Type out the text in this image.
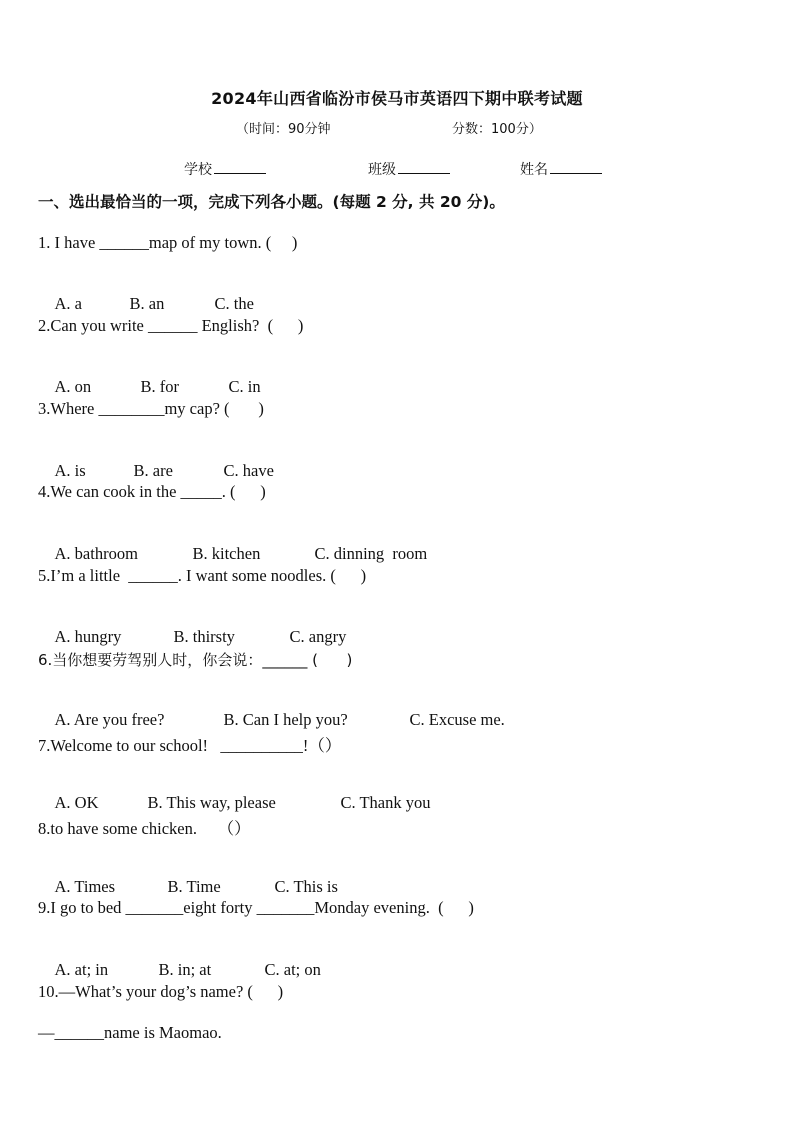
2024年山西省临汾市侯马市英语四下期中联考试题
（时间：90分钟	分数：100分）
学校	班级	姓名
一、选出最恰当的一项，完成下列各小题。(每题 2 分, 共 20 分)。
1. I have ______map of my town. (     )

A. a	B. an	C. the

2.Can you write ______ English?  (      )

A. on	B. for	C. in

3.Where ________my cap? (       )

A. is	B. are	C. have

4.We can cook in the _____. (      )

A. bathroom	B. kitchen	C. dinning  room

5.I’m a little  ______. I want some noodles. (      )

A. hungry	B. thirsty	C. angry

6.当你想要劳驾别人时，你会说：______ (      )

A. Are you free?	B. Can I help you?	C. Excuse me.

7.Welcome to our school!   __________!（）

A. OK	B. This way, please	C. Thank you

8.to have some chicken.     （）

A. Times	B. Time	C. This is

9.I go to bed _______eight forty _______Monday evening.  (      )

A. at; in	B. in; at	C. at; on

10.—What’s your dog’s name? (      )
—______name is Maomao.
